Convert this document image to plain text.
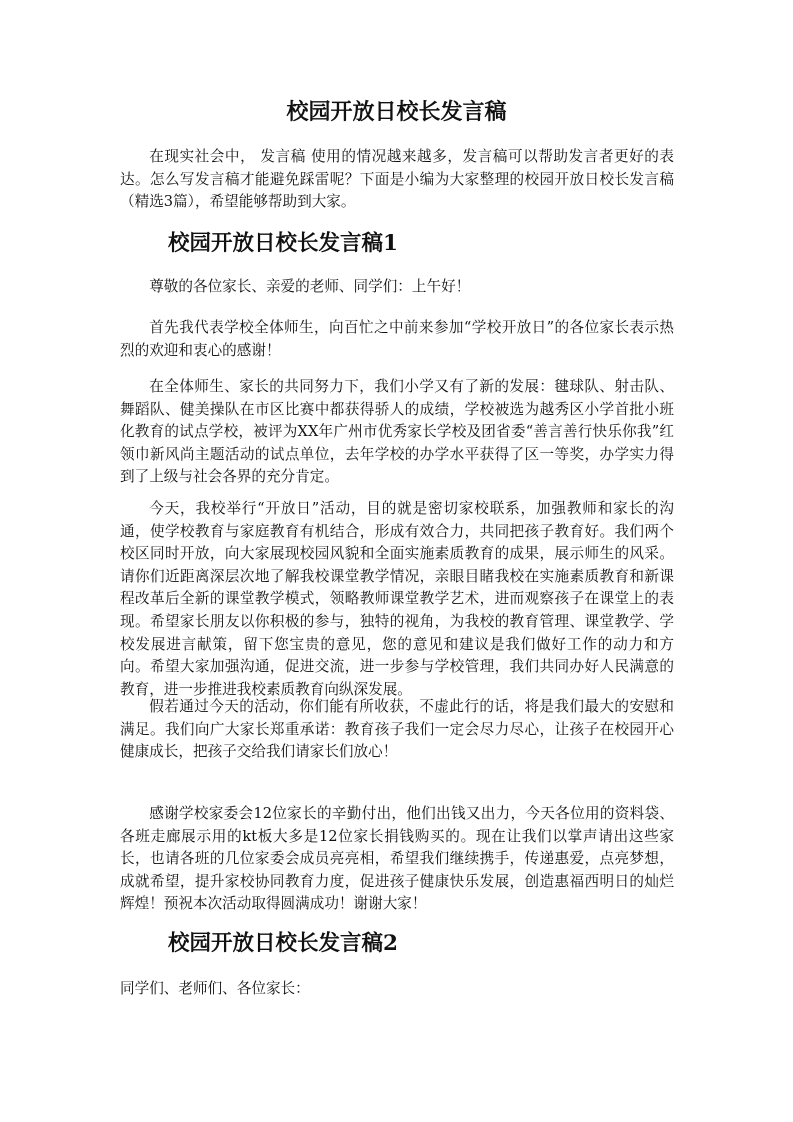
校园开放日校长发言稿

在现实社会中， 发言稿 使用的情况越来越多，发言稿可以帮助发言者更好的表达。怎么写发言稿才能避免踩雷呢？下面是小编为大家整理的校园开放日校长发言稿（精选3篇），希望能够帮助到大家。

校园开放日校长发言稿1

尊敬的各位家长、亲爱的老师、同学们：上午好！

首先我代表学校全体师生，向百忙之中前来参加“学校开放日”的各位家长表示热烈的欢迎和衷心的感谢！

在全体师生、家长的共同努力下，我们小学又有了新的发展：毽球队、射击队、舞蹈队、健美操队在市区比赛中都获得骄人的成绩，学校被选为越秀区小学首批小班化教育的试点学校，被评为XX年广州市优秀家长学校及团省委“善言善行快乐你我”红领巾新风尚主题活动的试点单位，去年学校的办学水平获得了区一等奖，办学实力得到了上级与社会各界的充分肯定。

今天，我校举行“开放日”活动，目的就是密切家校联系，加强教师和家长的沟通，使学校教育与家庭教育有机结合，形成有效合力，共同把孩子教育好。我们两个校区同时开放，向大家展现校园风貌和全面实施素质教育的成果，展示师生的风采。请你们近距离深层次地了解我校课堂教学情况，亲眼目睹我校在实施素质教育和新课程改革后全新的课堂教学模式，领略教师课堂教学艺术，进而观察孩子在课堂上的表现。希望家长朋友以你积极的参与，独特的视角，为我校的教育管理、课堂教学、学校发展进言献策，留下您宝贵的意见，您的意见和建议是我们做好工作的动力和方向。希望大家加强沟通，促进交流，进一步参与学校管理，我们共同办好人民满意的教育，进一步推进我校素质教育向纵深发展。

假若通过今天的活动，你们能有所收获，不虚此行的话，将是我们最大的安慰和满足。我们向广大家长郑重承诺：教育孩子我们一定会尽力尽心，让孩子在校园开心健康成长，把孩子交给我们请家长们放心！

感谢学校家委会12位家长的辛勤付出，他们出钱又出力，今天各位用的资料袋、各班走廊展示用的kt板大多是12位家长捐钱购买的。现在让我们以掌声请出这些家长，也请各班的几位家委会成员亮亮相，希望我们继续携手，传递惠爱，点亮梦想，成就希望，提升家校协同教育力度，促进孩子健康快乐发展，创造惠福西明日的灿烂辉煌！预祝本次活动取得圆满成功！谢谢大家！

校园开放日校长发言稿2

同学们、老师们、各位家长：
